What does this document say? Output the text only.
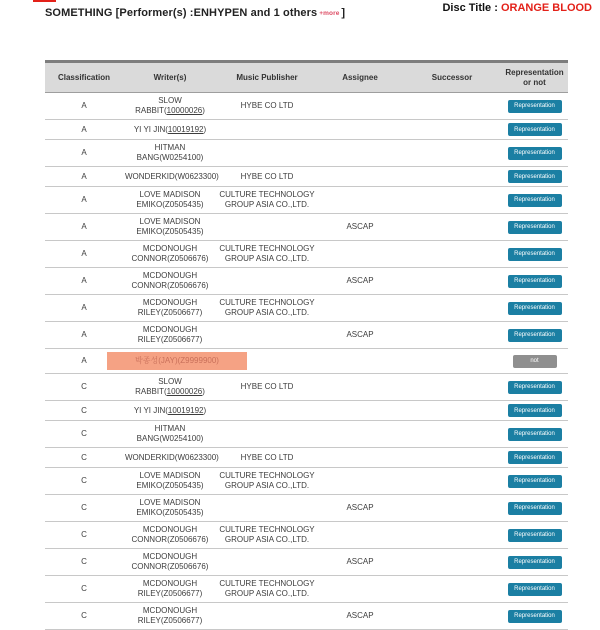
SOMETHING [Performer(s) :ENHYPEN and 1 others +more ]	Disc Title : ORANGE BLOOD
Classification	Writer(s)	Music Publisher	Assignee	Successor	Representation or not
A	SLOW RABBIT(10000026)	HYBE CO LTD			Representation
A	YI YI JIN(10019192)				Representation
A	HITMAN BANG(W0254100)				Representation
A	WONDERKID(W0623300)	HYBE CO LTD			Representation
A	LOVE MADISON EMIKO(Z0505435)	CULTURE TECHNOLOGY GROUP ASIA CO.,LTD.			Representation
A	LOVE MADISON EMIKO(Z0505435)		ASCAP		Representation
A	MCDONOUGH CONNOR(Z0506676)	CULTURE TECHNOLOGY GROUP ASIA CO.,LTD.			Representation
A	MCDONOUGH CONNOR(Z0506676)		ASCAP		Representation
A	MCDONOUGH RILEY(Z0506677)	CULTURE TECHNOLOGY GROUP ASIA CO.,LTD.			Representation
A	MCDONOUGH RILEY(Z0506677)		ASCAP		Representation
A	박종성(JAY)(Z9999900)				not
C	SLOW RABBIT(10000026)	HYBE CO LTD			Representation
C	YI YI JIN(10019192)				Representation
C	HITMAN BANG(W0254100)				Representation
C	WONDERKID(W0623300)	HYBE CO LTD			Representation
C	LOVE MADISON EMIKO(Z0505435)	CULTURE TECHNOLOGY GROUP ASIA CO.,LTD.			Representation
C	LOVE MADISON EMIKO(Z0505435)		ASCAP		Representation
C	MCDONOUGH CONNOR(Z0506676)	CULTURE TECHNOLOGY GROUP ASIA CO.,LTD.			Representation
C	MCDONOUGH CONNOR(Z0506676)		ASCAP		Representation
C	MCDONOUGH RILEY(Z0506677)	CULTURE TECHNOLOGY GROUP ASIA CO.,LTD.			Representation
C	MCDONOUGH RILEY(Z0506677)		ASCAP		Representation
